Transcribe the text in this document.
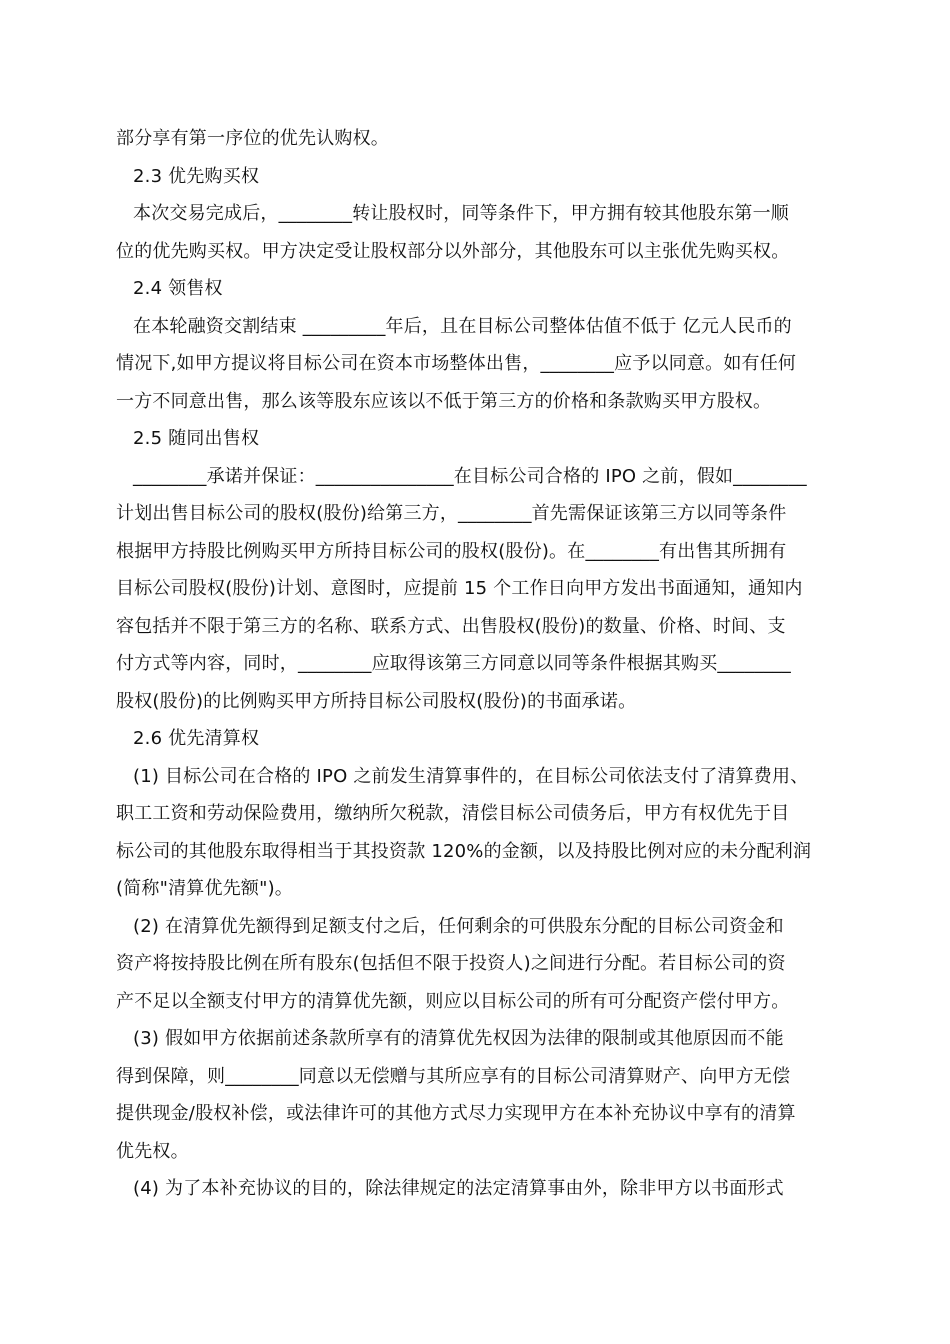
部分享有第一序位的优先认购权。
2.3 优先购买权
本次交易完成后，________转让股权时，同等条件下，甲方拥有较其他股东第一顺
位的优先购买权。甲方决定受让股权部分以外部分，其他股东可以主张优先购买权。
2.4 领售权
在本轮融资交割结束 _________年后，且在目标公司整体估值不低于 亿元人民币的
情况下,如甲方提议将目标公司在资本市场整体出售，________应予以同意。如有任何
一方不同意出售，那么该等股东应该以不低于第三方的价格和条款购买甲方股权。
2.5 随同出售权
________承诺并保证：_______________在目标公司合格的 IPO 之前，假如________
计划出售目标公司的股权(股份)给第三方，________首先需保证该第三方以同等条件
根据甲方持股比例购买甲方所持目标公司的股权(股份)。在________有出售其所拥有
目标公司股权(股份)计划、意图时，应提前 15 个工作日向甲方发出书面通知，通知内
容包括并不限于第三方的名称、联系方式、出售股权(股份)的数量、价格、时间、支
付方式等内容，同时，________应取得该第三方同意以同等条件根据其购买________
股权(股份)的比例购买甲方所持目标公司股权(股份)的书面承诺。
2.6 优先清算权
(1) 目标公司在合格的 IPO 之前发生清算事件的，在目标公司依法支付了清算费用、
职工工资和劳动保险费用，缴纳所欠税款，清偿目标公司债务后，甲方有权优先于目
标公司的其他股东取得相当于其投资款 120%的金额，以及持股比例对应的未分配利润
(简称"清算优先额")。
(2) 在清算优先额得到足额支付之后，任何剩余的可供股东分配的目标公司资金和
资产将按持股比例在所有股东(包括但不限于投资人)之间进行分配。若目标公司的资
产不足以全额支付甲方的清算优先额，则应以目标公司的所有可分配资产偿付甲方。
(3) 假如甲方依据前述条款所享有的清算优先权因为法律的限制或其他原因而不能
得到保障，则________同意以无偿赠与其所应享有的目标公司清算财产、向甲方无偿
提供现金/股权补偿，或法律许可的其他方式尽力实现甲方在本补充协议中享有的清算
优先权。
(4) 为了本补充协议的目的，除法律规定的法定清算事由外，除非甲方以书面形式
